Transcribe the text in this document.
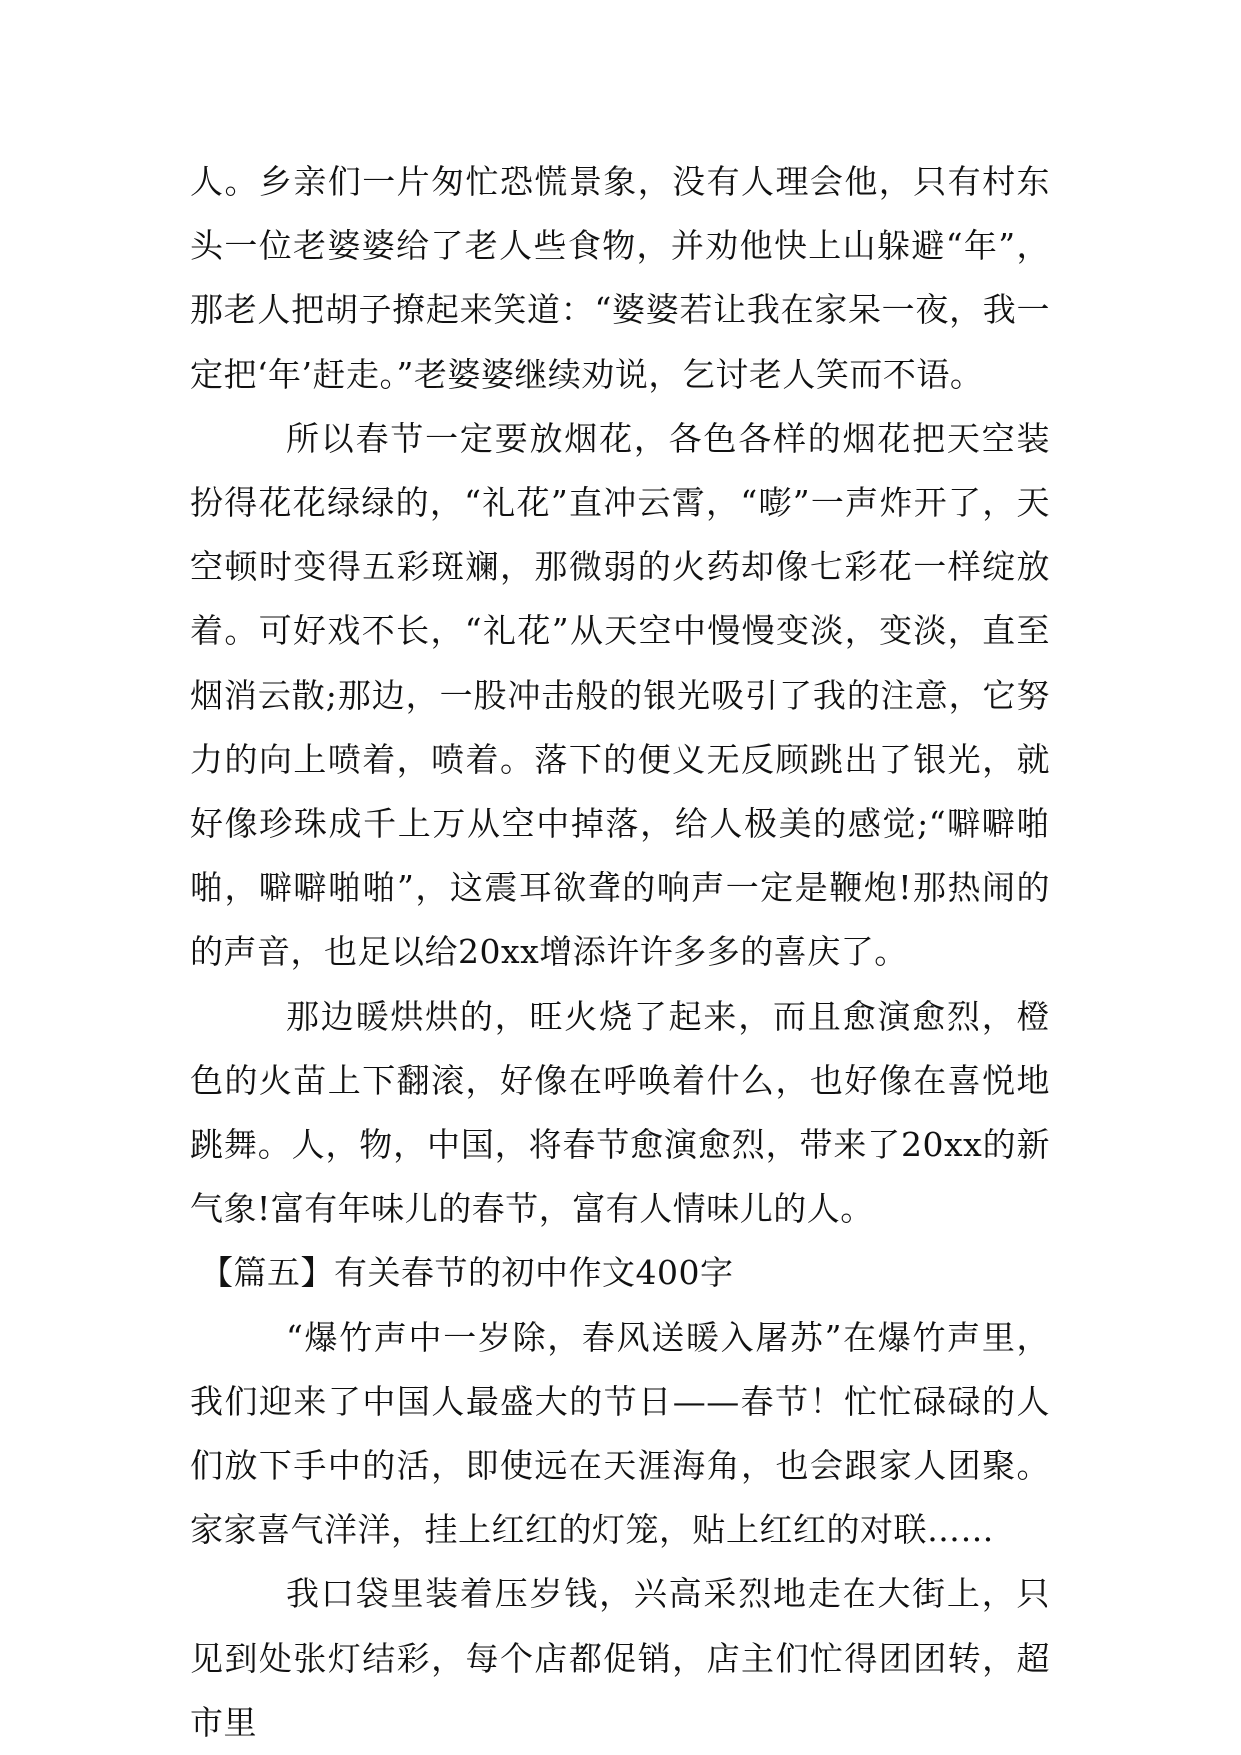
人。乡亲们一片匆忙恐慌景象，没有人理会他，只有村东头一位老婆婆给了老人些食物，并劝他快上山躲避“年”，那老人把胡子撩起来笑道：“婆婆若让我在家呆一夜，我一定把‘年’赶走。”老婆婆继续劝说，乞讨老人笑而不语。

所以春节一定要放烟花，各色各样的烟花把天空装扮得花花绿绿的，“礼花”直冲云霄，“嘭”一声炸开了，天空顿时变得五彩斑斓，那微弱的火药却像七彩花一样绽放着。可好戏不长，“礼花”从天空中慢慢变淡，变淡，直至烟消云散;那边，一股冲击般的银光吸引了我的注意，它努力的向上喷着，喷着。落下的便义无反顾跳出了银光，就好像珍珠成千上万从空中掉落，给人极美的感觉;“噼噼啪啪，噼噼啪啪”，这震耳欲聋的响声一定是鞭炮!那热闹的的声音，也足以给20xx增添许许多多的喜庆了。

那边暖烘烘的，旺火烧了起来，而且愈演愈烈，橙色的火苗上下翻滚，好像在呼唤着什么，也好像在喜悦地跳舞。人，物，中国，将春节愈演愈烈，带来了20xx的新气象!富有年味儿的春节，富有人情味儿的人。

【篇五】有关春节的初中作文400字

“爆竹声中一岁除，春风送暖入屠苏”在爆竹声里，我们迎来了中国人最盛大的节日——春节！忙忙碌碌的人们放下手中的活，即使远在天涯海角，也会跟家人团聚。家家喜气洋洋，挂上红红的灯笼，贴上红红的对联……

我口袋里装着压岁钱，兴高采烈地走在大街上，只见到处张灯结彩，每个店都促销，店主们忙得团团转，超市里
